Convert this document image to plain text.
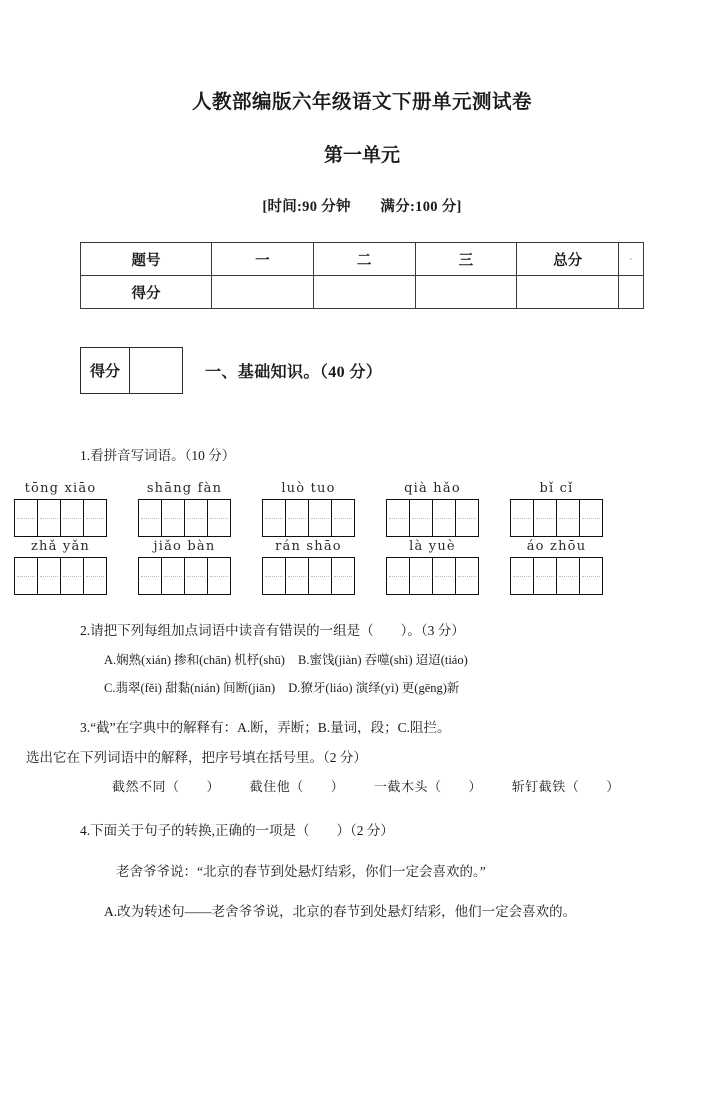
人教部编版六年级语文下册单元测试卷
第一单元
[时间:90 分钟　　满分:100 分]
题号	一	二	三	总分	·
得分					
得分	一、基础知识。（40 分）
1.看拼音写词语。（10 分）
tōng xiāo	shāng fàn	luò tuo	qià hǎo	bǐ cǐ
zhǎ yǎn	jiǎo bàn	rán shāo	là yuè	áo zhōu
2.请把下列每组加点词语中读音有错误的一组是（　　）。（3 分）
A.娴熟(xián) 掺和(chān) 机杼(shū) B.蜜饯(jiàn) 吞噬(shì) 迢迢(tiáo)
C.翡翠(fěi) 甜黏(nián) 间断(jiān) D.獠牙(liáo) 演绎(yì) 更(gēng)新
3.“截”在字典中的解释有：A.断，弄断；B.量词，段；C.阻拦。
选出它在下列词语中的解释，把序号填在括号里。（2 分）
截然不同（　　） 截住他（　　） 一截木头（　　） 斩钉截铁（　　）
4.下面关于句子的转换,正确的一项是（　　）（2 分）
老舍爷爷说：“北京的春节到处悬灯结彩，你们一定会喜欢的。”
A.改为转述句——老舍爷爷说，北京的春节到处悬灯结彩，他们一定会喜欢的。
